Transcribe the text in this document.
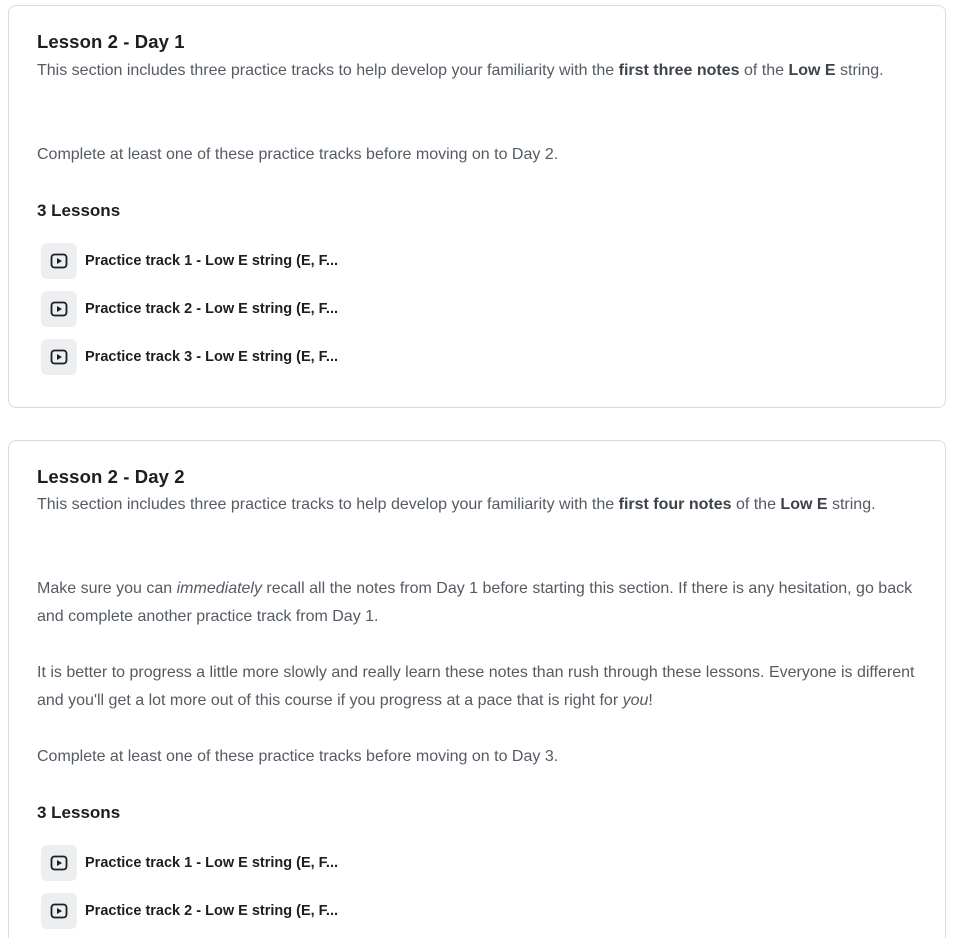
Lesson 2 - Day 1
This section includes three practice tracks to help develop your familiarity with the first three notes of the Low E string.
Complete at least one of these practice tracks before moving on to Day 2.
3 Lessons
Practice track 1 - Low E string (E, F...
Practice track 2 - Low E string (E, F...
Practice track 3 - Low E string (E, F...
Lesson 2 - Day 2
This section includes three practice tracks to help develop your familiarity with the first four notes of the Low E string.
Make sure you can immediately recall all the notes from Day 1 before starting this section. If there is any hesitation, go back and complete another practice track from Day 1.
It is better to progress a little more slowly and really learn these notes than rush through these lessons. Everyone is different and you'll get a lot more out of this course if you progress at a pace that is right for you!
Complete at least one of these practice tracks before moving on to Day 3.
3 Lessons
Practice track 1 - Low E string (E, F...
Practice track 2 - Low E string (E, F...
